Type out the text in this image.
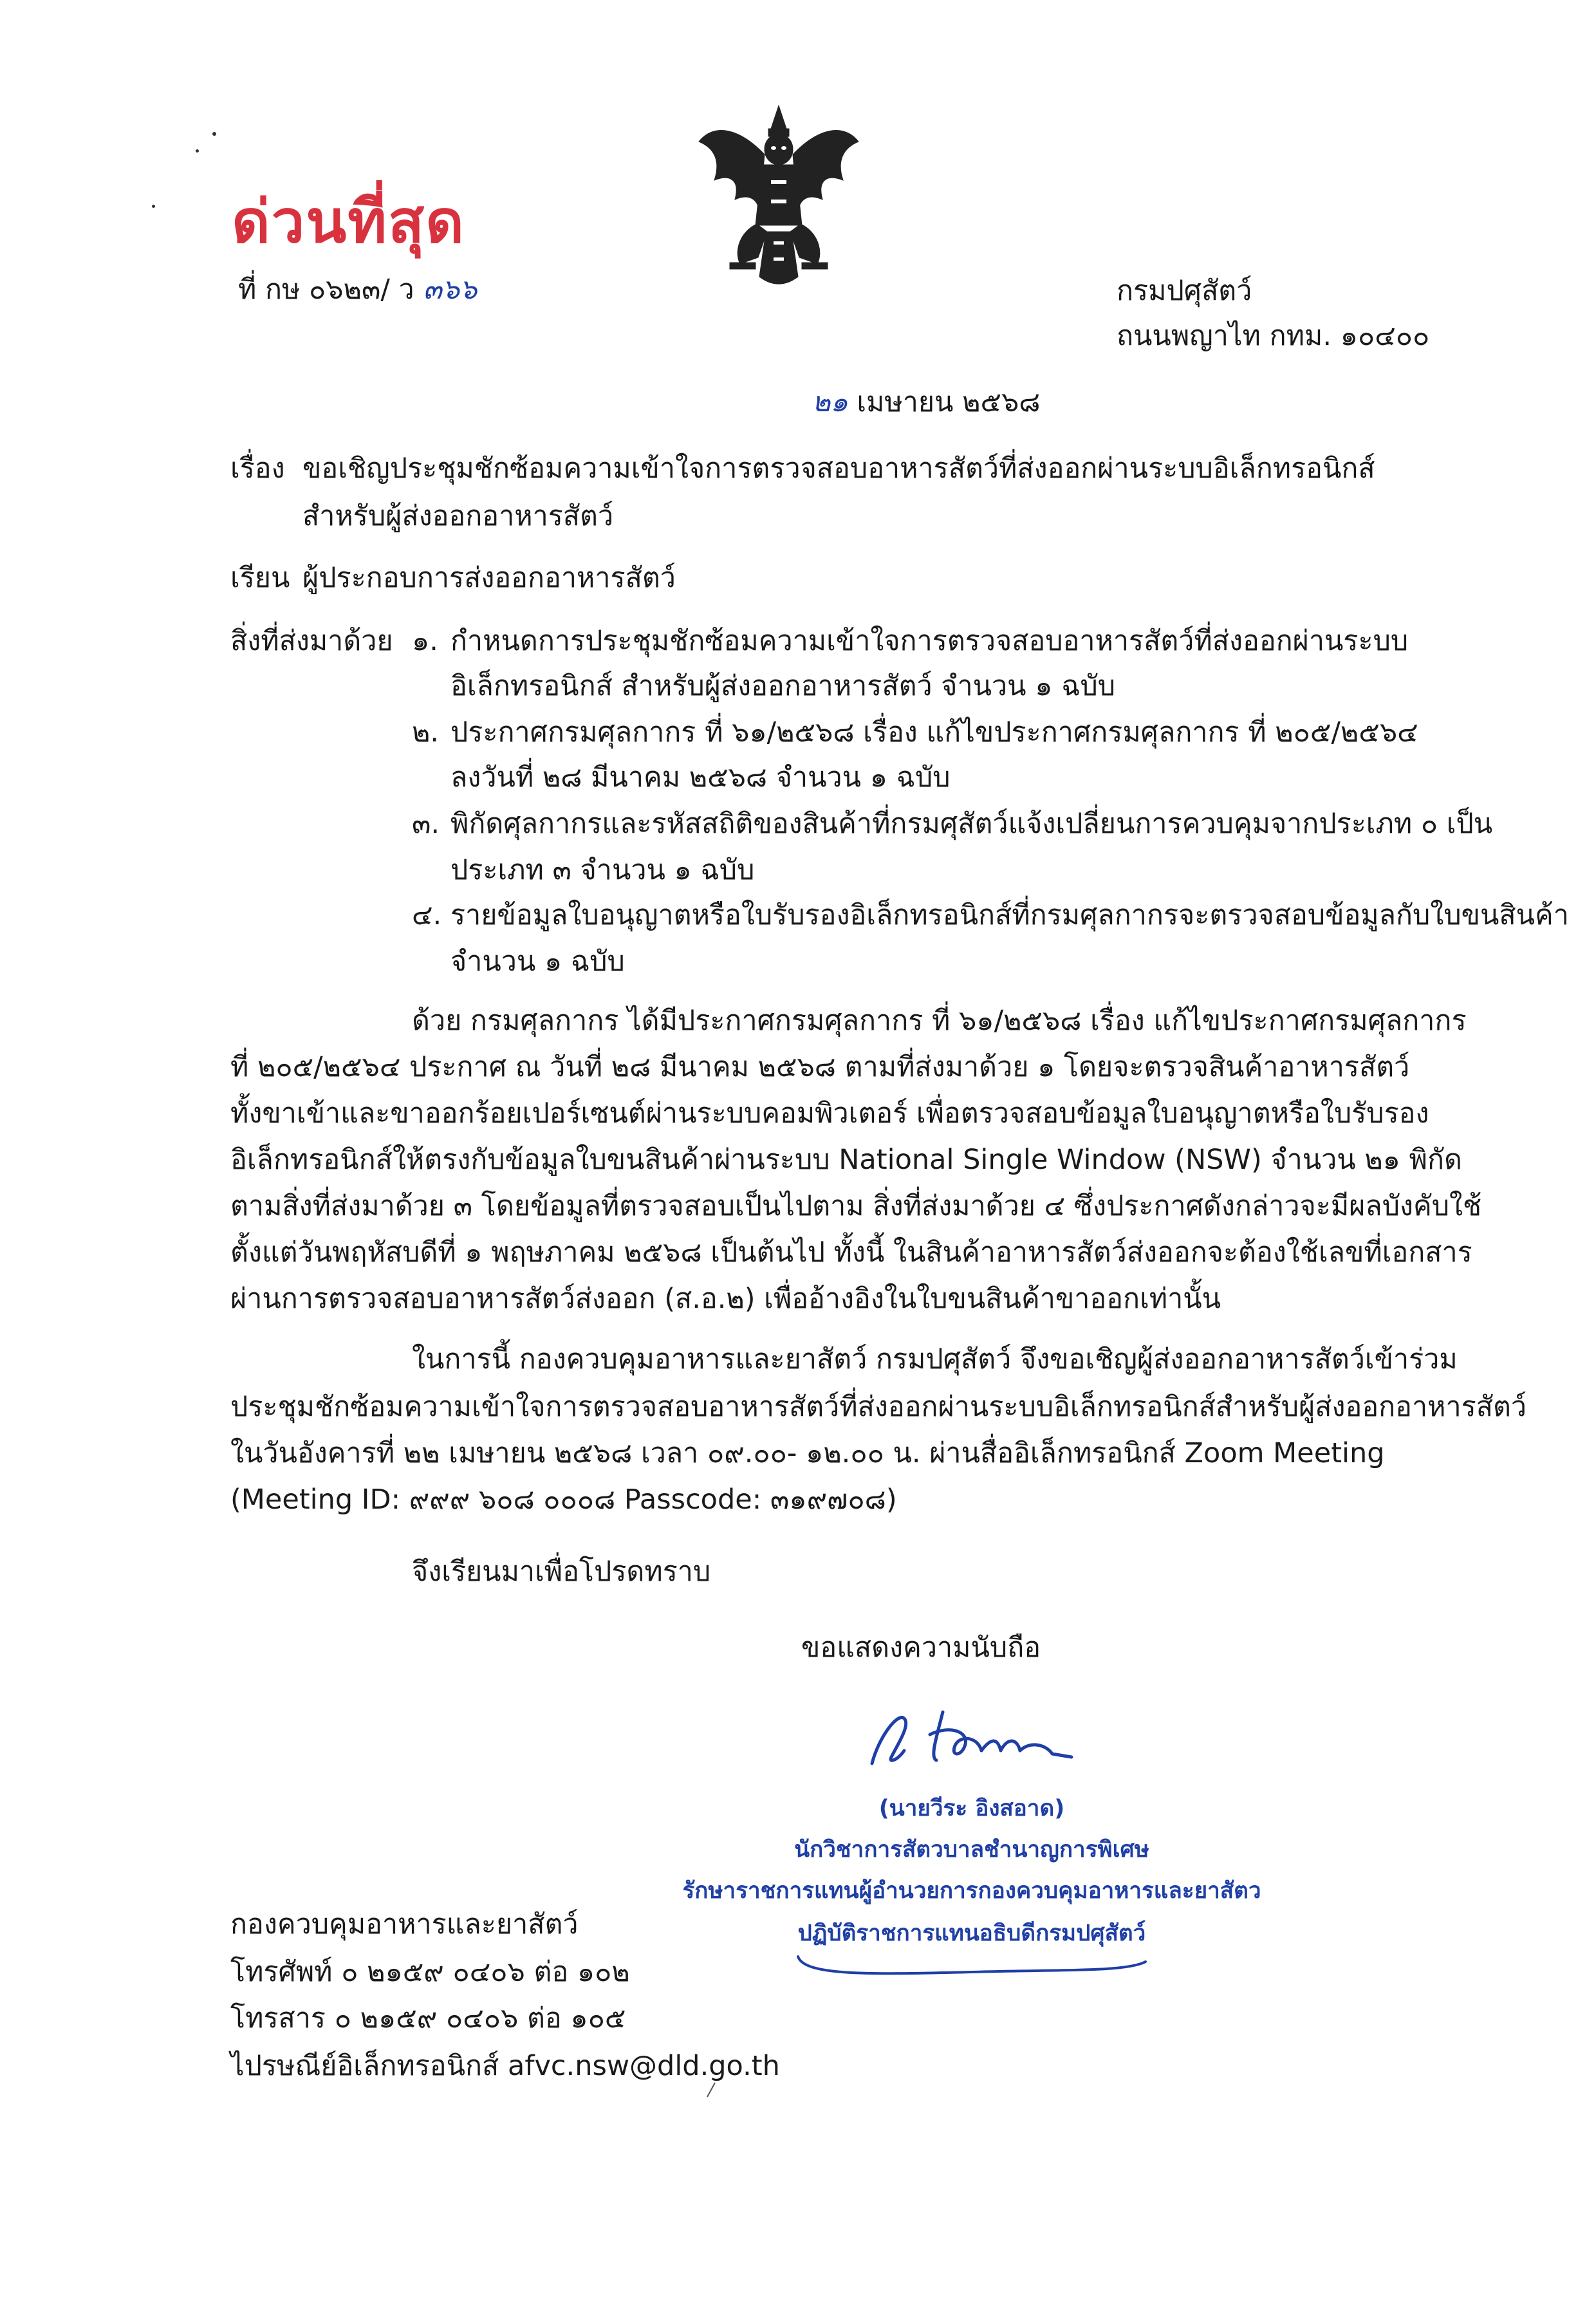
ด่วนที่สุด
ที่ กษ ๐๖๒๓/ ว ๓๖๖	กรมปศุสัตว์
ถนนพญาไท กทม. ๑๐๔๐๐
๒๑ เมษายน ๒๕๖๘
เรื่อง ขอเชิญประชุมชักซ้อมความเข้าใจการตรวจสอบอาหารสัตว์ที่ส่งออกผ่านระบบอิเล็กทรอนิกส์
สำหรับผู้ส่งออกอาหารสัตว์
เรียน ผู้ประกอบการส่งออกอาหารสัตว์
สิ่งที่ส่งมาด้วย ๑. กำหนดการประชุมชักซ้อมความเข้าใจการตรวจสอบอาหารสัตว์ที่ส่งออกผ่านระบบ
อิเล็กทรอนิกส์ สำหรับผู้ส่งออกอาหารสัตว์ จำนวน ๑ ฉบับ
๒. ประกาศกรมศุลกากร ที่ ๖๑/๒๕๖๘ เรื่อง แก้ไขประกาศกรมศุลกากร ที่ ๒๐๕/๒๕๖๔
ลงวันที่ ๒๘ มีนาคม ๒๕๖๘ จำนวน ๑ ฉบับ
๓. พิกัดศุลกากรและรหัสสถิติของสินค้าที่กรมศุสัตว์แจ้งเปลี่ยนการควบคุมจากประเภท ๐ เป็น
ประเภท ๓ จำนวน ๑ ฉบับ
๔. รายข้อมูลใบอนุญาตหรือใบรับรองอิเล็กทรอนิกส์ที่กรมศุลกากรจะตรวจสอบข้อมูลกับใบขนสินค้า
จำนวน ๑ ฉบับ
ด้วย กรมศุลกากร ได้มีประกาศกรมศุลกากร ที่ ๖๑/๒๕๖๘ เรื่อง แก้ไขประกาศกรมศุลกากร
ที่ ๒๐๕/๒๕๖๔ ประกาศ ณ วันที่ ๒๘ มีนาคม ๒๕๖๘ ตามที่ส่งมาด้วย ๑ โดยจะตรวจสินค้าอาหารสัตว์
ทั้งขาเข้าและขาออกร้อยเปอร์เซนต์ผ่านระบบคอมพิวเตอร์ เพื่อตรวจสอบข้อมูลใบอนุญาตหรือใบรับรอง
อิเล็กทรอนิกส์ให้ตรงกับข้อมูลใบขนสินค้าผ่านระบบ National Single Window (NSW) จำนวน ๒๑ พิกัด
ตามสิ่งที่ส่งมาด้วย ๓ โดยข้อมูลที่ตรวจสอบเป็นไปตาม สิ่งที่ส่งมาด้วย ๔ ซึ่งประกาศดังกล่าวจะมีผลบังคับใช้
ตั้งแต่วันพฤหัสบดีที่ ๑ พฤษภาคม ๒๕๖๘ เป็นต้นไป ทั้งนี้ ในสินค้าอาหารสัตว์ส่งออกจะต้องใช้เลขที่เอกสาร
ผ่านการตรวจสอบอาหารสัตว์ส่งออก (ส.อ.๒) เพื่ออ้างอิงในใบขนสินค้าขาออกเท่านั้น
ในการนี้ กองควบคุมอาหารและยาสัตว์ กรมปศุสัตว์ จึงขอเชิญผู้ส่งออกอาหารสัตว์เข้าร่วม
ประชุมชักซ้อมความเข้าใจการตรวจสอบอาหารสัตว์ที่ส่งออกผ่านระบบอิเล็กทรอนิกส์สำหรับผู้ส่งออกอาหารสัตว์
ในวันอังคารที่ ๒๒ เมษายน ๒๕๖๘ เวลา ๐๙.๐๐- ๑๒.๐๐ น. ผ่านสื่ออิเล็กทรอนิกส์ Zoom Meeting
(Meeting ID: ๙๙๙ ๖๐๘ ๐๐๐๘ Passcode: ๓๑๙๗๐๘)
จึงเรียนมาเพื่อโปรดทราบ
ขอแสดงความนับถือ
(นายวีระ อิงสอาด)
นักวิชาการสัตวบาลชำนาญการพิเศษ
รักษาราชการแทนผู้อำนวยการกองควบคุมอาหารและยาสัตว
ปฏิบัติราชการแทนอธิบดีกรมปศุสัตว์
กองควบคุมอาหารและยาสัตว์
โทรศัพท์ ๐ ๒๑๕๙ ๐๔๐๖ ต่อ ๑๐๒
โทรสาร ๐ ๒๑๕๙ ๐๔๐๖ ต่อ ๑๐๕
ไปรษณีย์อิเล็กทรอนิกส์ afvc.nsw@dld.go.th
